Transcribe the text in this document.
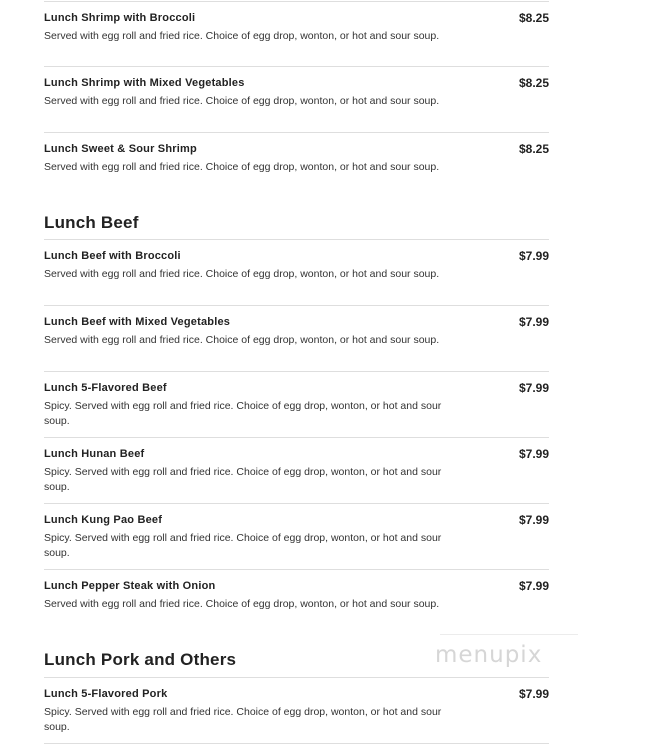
Lunch Shrimp with Broccoli	$8.25
Served with egg roll and fried rice. Choice of egg drop, wonton, or hot and sour soup.
Lunch Shrimp with Mixed Vegetables	$8.25
Served with egg roll and fried rice. Choice of egg drop, wonton, or hot and sour soup.
Lunch Sweet & Sour Shrimp	$8.25
Served with egg roll and fried rice. Choice of egg drop, wonton, or hot and sour soup.
Lunch Beef
Lunch Beef with Broccoli	$7.99
Served with egg roll and fried rice. Choice of egg drop, wonton, or hot and sour soup.
Lunch Beef with Mixed Vegetables	$7.99
Served with egg roll and fried rice. Choice of egg drop, wonton, or hot and sour soup.
Lunch 5-Flavored Beef	$7.99
Spicy. Served with egg roll and fried rice. Choice of egg drop, wonton, or hot and sour soup.
Lunch Hunan Beef	$7.99
Spicy. Served with egg roll and fried rice. Choice of egg drop, wonton, or hot and sour soup.
Lunch Kung Pao Beef	$7.99
Spicy. Served with egg roll and fried rice. Choice of egg drop, wonton, or hot and sour soup.
Lunch Pepper Steak with Onion	$7.99
Served with egg roll and fried rice. Choice of egg drop, wonton, or hot and sour soup.
Lunch Pork and Others
Lunch 5-Flavored Pork	$7.99
Spicy. Served with egg roll and fried rice. Choice of egg drop, wonton, or hot and sour soup.
menupix
